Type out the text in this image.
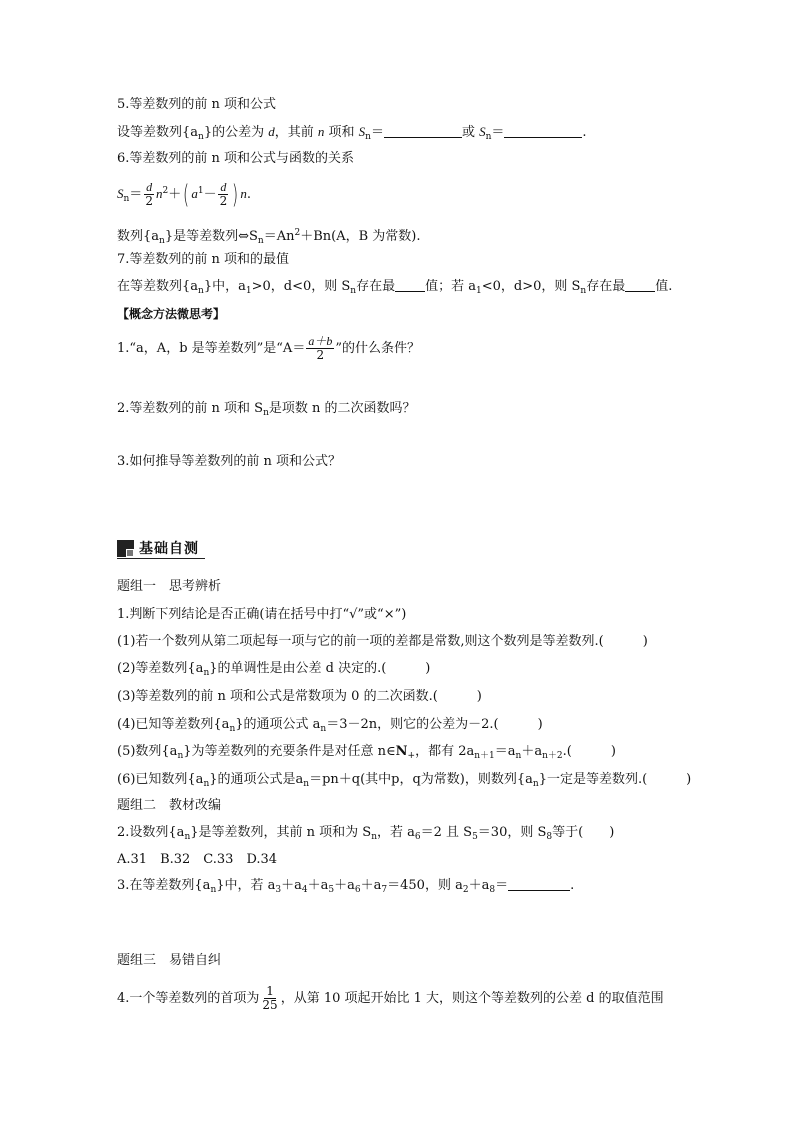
5.等差数列的前 n 项和公式
设等差数列$\{a_n\}$的公差为 d，其前 n 项和 $S_n=$	或 $S_n=$	.
6.等差数列的前 n 项和公式与函数的关系
$S_n= \frac{d}{2} n^2+$( $a^1- \frac{d}{2}$ ) n.
数列$\{a_n\}$是等差数列$\Leftrightarrow S_n=An^2+Bn(A$，B 为常数).
7.等差数列的前 n 项和的最值
在等差数列$\{a_n\}$中，$a_1>0$，d<0，则 $S_n$存在最 值；若 $a_1<0$，d>0，则 $S_n$存在最 值.
【概念方法微思考】
1.“a，A，b 是等差数列”是“$A= \frac{a+b}{2}$ ”的什么条件？
2.等差数列的前 n 项和 $S_n$是项数 n 的二次函数吗？
3.如何推导等差数列的前 n 项和公式？
基础自测
题组一　思考辨析
1.判断下列结论是否正确(请在括号中打“√”或“×”)
(1)若一个数列从第二项起每一项与它的前一项的差都是常数,则这个数列是等差数列.(　　　)
(2)等差数列$\{a_n\}$的单调性是由公差 d 决定的.(　　　)
(3)等差数列的前 n 项和公式是常数项为 0 的二次函数.(　　　)
(4)已知等差数列$\{a_n\}$的通项公式 $a_n=3-2n$，则它的公差为－2.(　　　)
(5)数列$\{a_n\}$为等差数列的充要条件是对任意 $n\in N_+$，都有 $2a_{n+1}=a_n+a_{n+2}$.(　　　)
(6)已知数列$\{a_n\}$的通项公式是$a_n=pn+q$(其中p，q为常数)，则数列$\{a_n\}$一定是等差数列.(　　　)
题组二　教材改编
2.设数列$\{a_n\}$是等差数列，其前 n 项和为 $S_n$，若 $a_6=2$ 且 $S_5=30$，则 $S_8$等于(　　)
A.31　B.32　C.33　D.34
3.在等差数列$\{a_n\}$中，若 $a_3+a_4+a_5+a_6+a_7=450$，则 $a_2+a_8=$	.
题组三　易错自纠
4.一个等差数列的首项为 $\frac{1}{25}$ ，从第 10 项起开始比 1 大，则这个等差数列的公差 d 的取值范围
